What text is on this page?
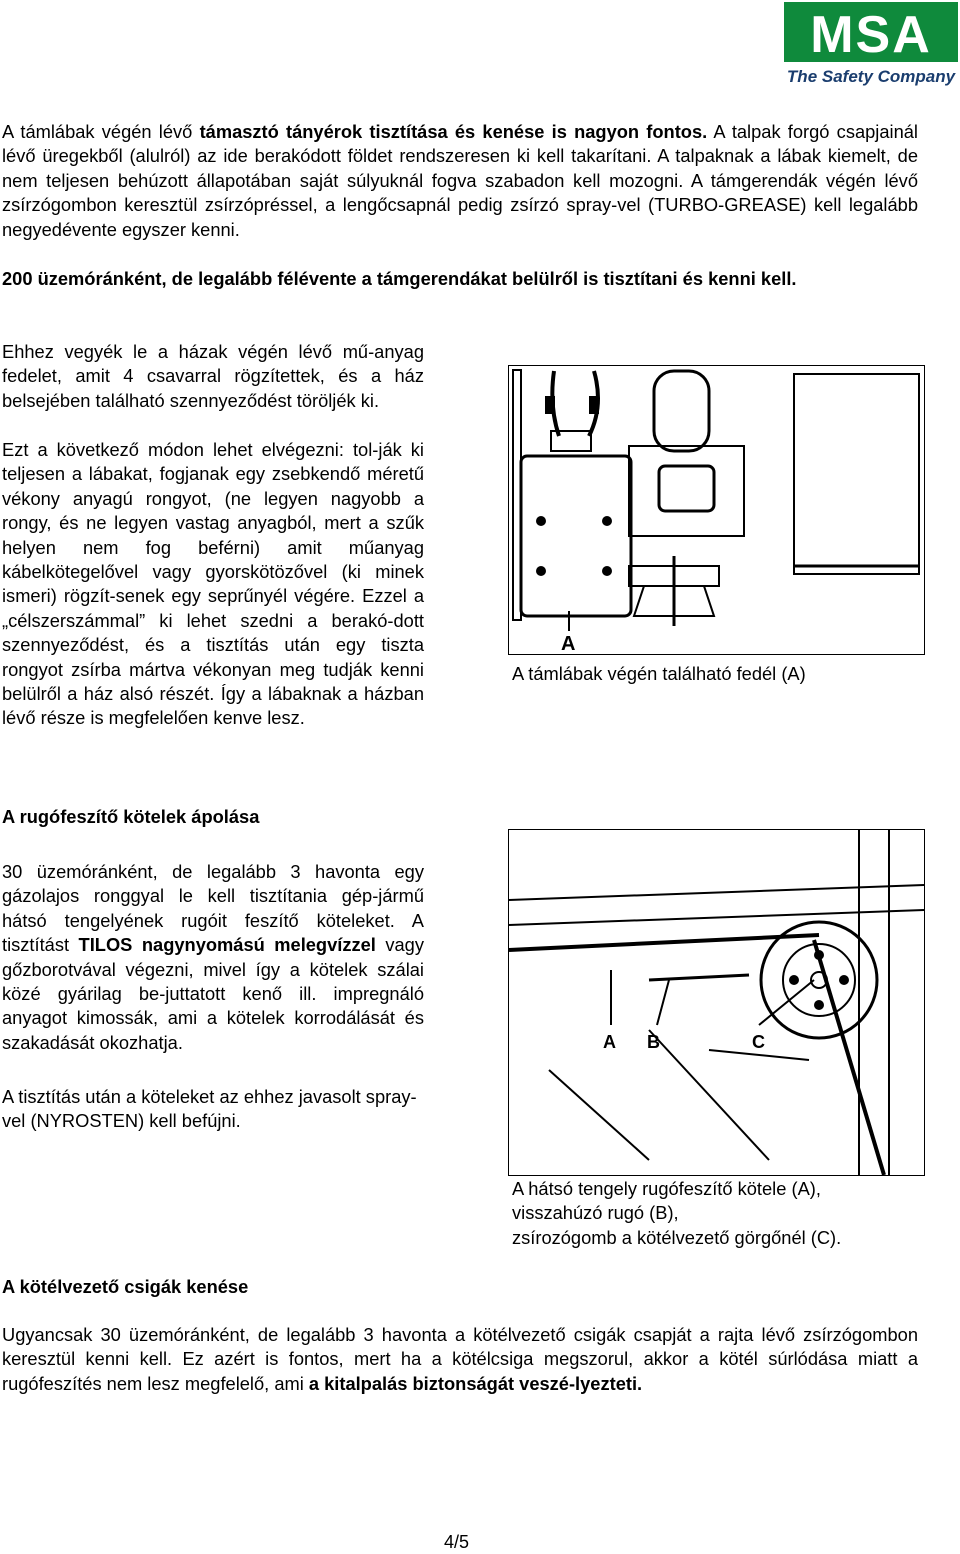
MSA
The Safety Company
A támlábak végén lévő támasztó tányérok tisztítása és kenése is nagyon fontos. A talpak forgó csapjainál lévő üregekből (alulról) az ide berakódott földet rendszeresen ki kell takarítani. A talpaknak a lábak kiemelt, de nem teljesen behúzott állapotában saját súlyuknál fogva szabadon kell mozogni. A támgerendák végén lévő zsírzógombon keresztül zsírzópréssel, a lengőcsapnál pedig zsírzó spray-vel (TURBO-GREASE) kell legalább negyedévente egyszer kenni.
200 üzemóránként, de legalább félévente a támgerendákat belülről is tisztítani és kenni kell.
Ehhez vegyék le a házak végén lévő mű-anyag fedelet, amit 4 csavarral rögzítettek, és a ház belsejében található szennyeződést töröljék ki.
Ezt a következő módon lehet elvégezni: tol-ják ki teljesen a lábakat, fogjanak egy zsebkendő méretű vékony anyagú rongyot, (ne legyen nagyobb a rongy, és ne legyen vastag anyagból, mert a szűk helyen nem fog beférni) amit műanyag kábelkötegelővel vagy gyorskötözővel (ki minek ismeri) rögzít-senek egy seprűnyél végére. Ezzel a „célszerszámmal” ki lehet szedni a berakó-dott szennyeződést, és a tisztítás után egy tiszta rongyot zsírba mártva vékonyan meg tudják kenni belülről a ház alsó részét. Így a lábaknak a házban lévő része is megfelelően kenve lesz.
A
A támlábak végén található fedél (A)
A rugófeszítő kötelek ápolása
30 üzemóránként, de legalább 3 havonta egy gázolajos ronggyal le kell tisztítania gép-jármű hátsó tengelyének rugóit feszítő köteleket. A tisztítást TILOS nagynyomású melegvízzel vagy gőzborotvával végezni, mivel így a kötelek szálai közé gyárilag be-juttatott kenő ill. impregnáló anyagot kimossák, ami a kötelek korrodálását és szakadását okozhatja.
A tisztítás után a köteleket az ehhez javasolt spray-vel (NYROSTEN) kell befújni.
A B	C
A hátsó tengely rugófeszítő kötele (A),
visszahúzó rugó (B),
zsírozógomb a kötélvezető görgőnél (C).
A kötélvezető csigák kenése
Ugyancsak 30 üzemóránként, de legalább 3 havonta a kötélvezető csigák csapját a rajta lévő zsírzógombon keresztül kenni kell. Ez azért is fontos, mert ha a kötélcsiga megszorul, akkor a kötél súrlódása miatt a rugófeszítés nem lesz megfelelő, ami a kitalpalás biztonságát veszé-lyezteti.
4/5
